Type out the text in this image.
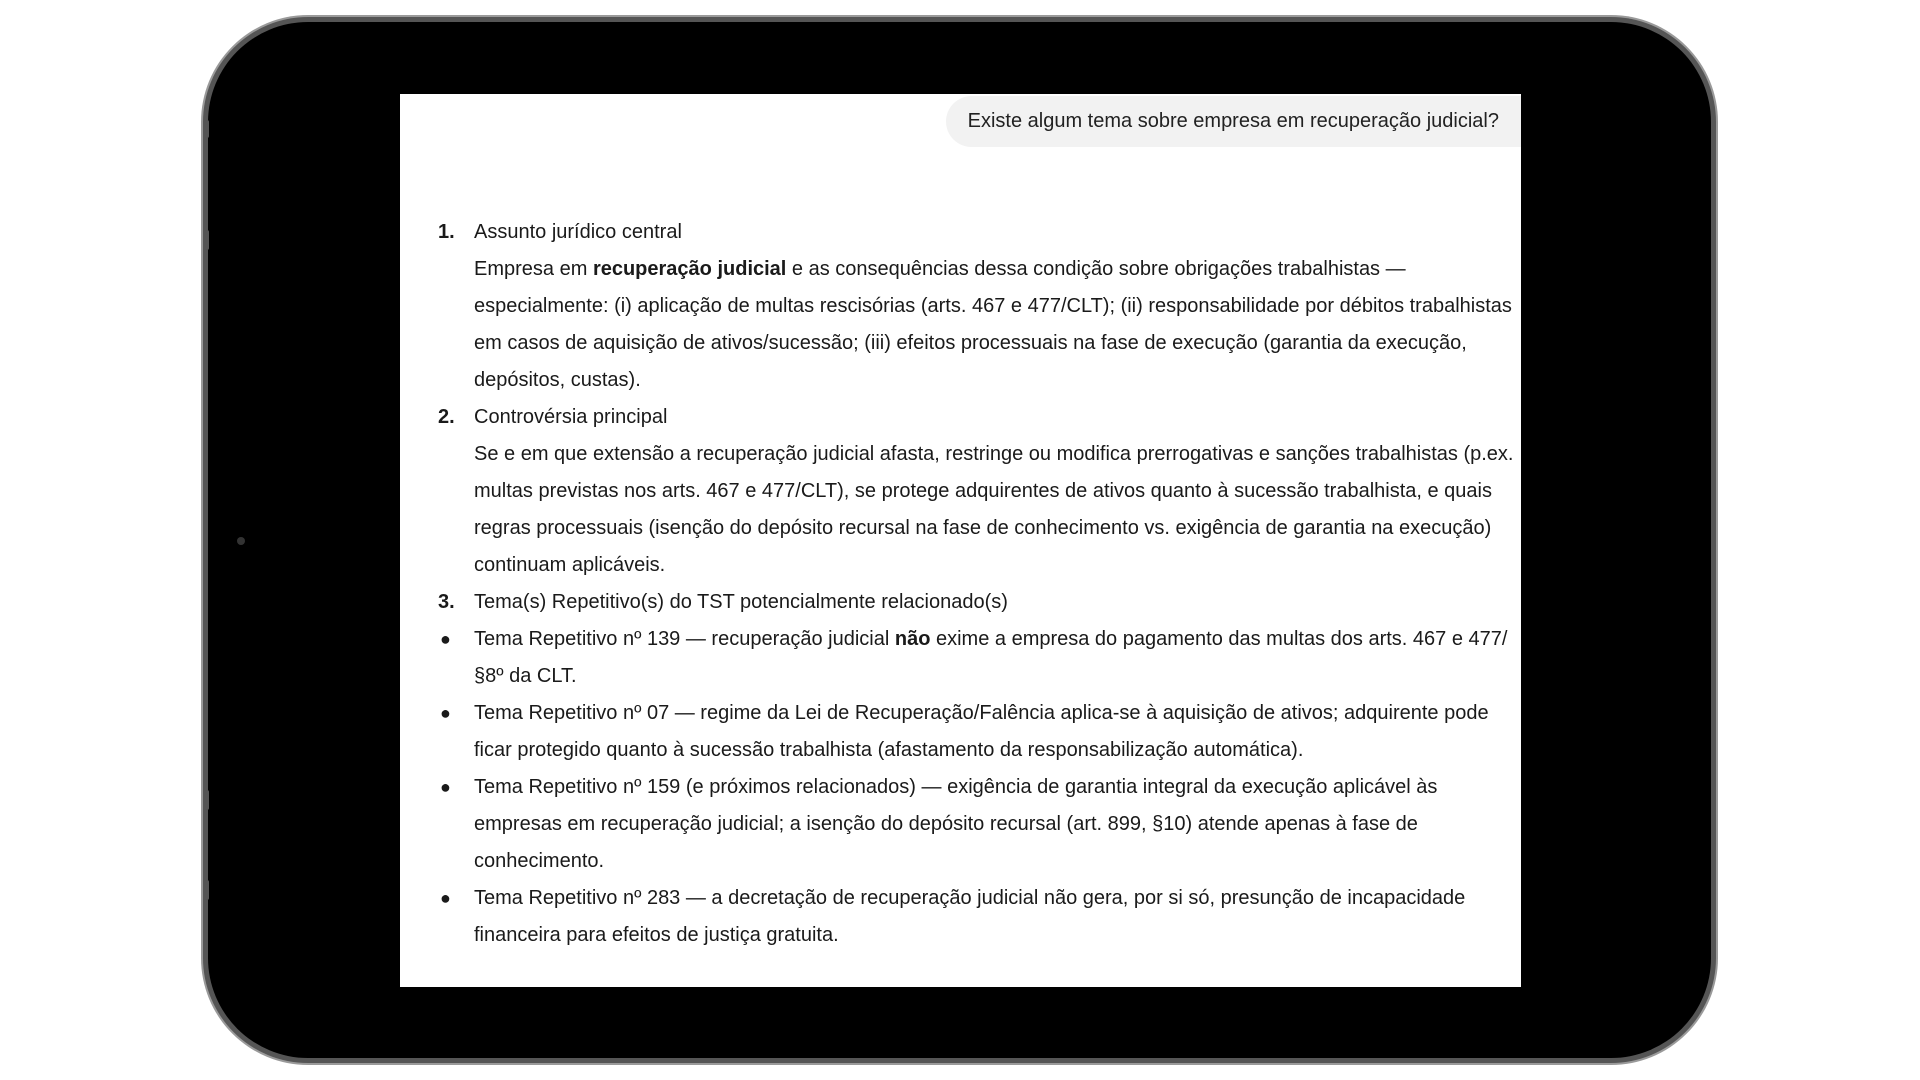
Existe algum tema sobre empresa em recuperação judicial?
1. Assunto jurídico central
Empresa em recuperação judicial e as consequências dessa condição sobre obrigações trabalhistas — especialmente: (i) aplicação de multas rescisórias (arts. 467 e 477/CLT); (ii) responsabilidade por débitos trabalhistas em casos de aquisição de ativos/sucessão; (iii) efeitos processuais na fase de execução (garantia da execução, depósitos, custas).
2. Controvérsia principal
Se e em que extensão a recuperação judicial afasta, restringe ou modifica prerrogativas e sanções trabalhistas (p.ex. multas previstas nos arts. 467 e 477/CLT), se protege adquirentes de ativos quanto à sucessão trabalhista, e quais regras processuais (isenção do depósito recursal na fase de conhecimento vs. exigência de garantia na execução) continuam aplicáveis.
3. Tema(s) Repetitivo(s) do TST potencialmente relacionado(s)
● Tema Repetitivo nº 139 — recuperação judicial não exime a empresa do pagamento das multas dos arts. 467 e 477/§8º da CLT.
● Tema Repetitivo nº 07 — regime da Lei de Recuperação/Falência aplica-se à aquisição de ativos; adquirente pode ficar protegido quanto à sucessão trabalhista (afastamento da responsabilização automática).
● Tema Repetitivo nº 159 (e próximos relacionados) — exigência de garantia integral da execução aplicável às empresas em recuperação judicial; a isenção do depósito recursal (art. 899, §10) atende apenas à fase de conhecimento.
● Tema Repetitivo nº 283 — a decretação de recuperação judicial não gera, por si só, presunção de incapacidade financeira para efeitos de justiça gratuita.
